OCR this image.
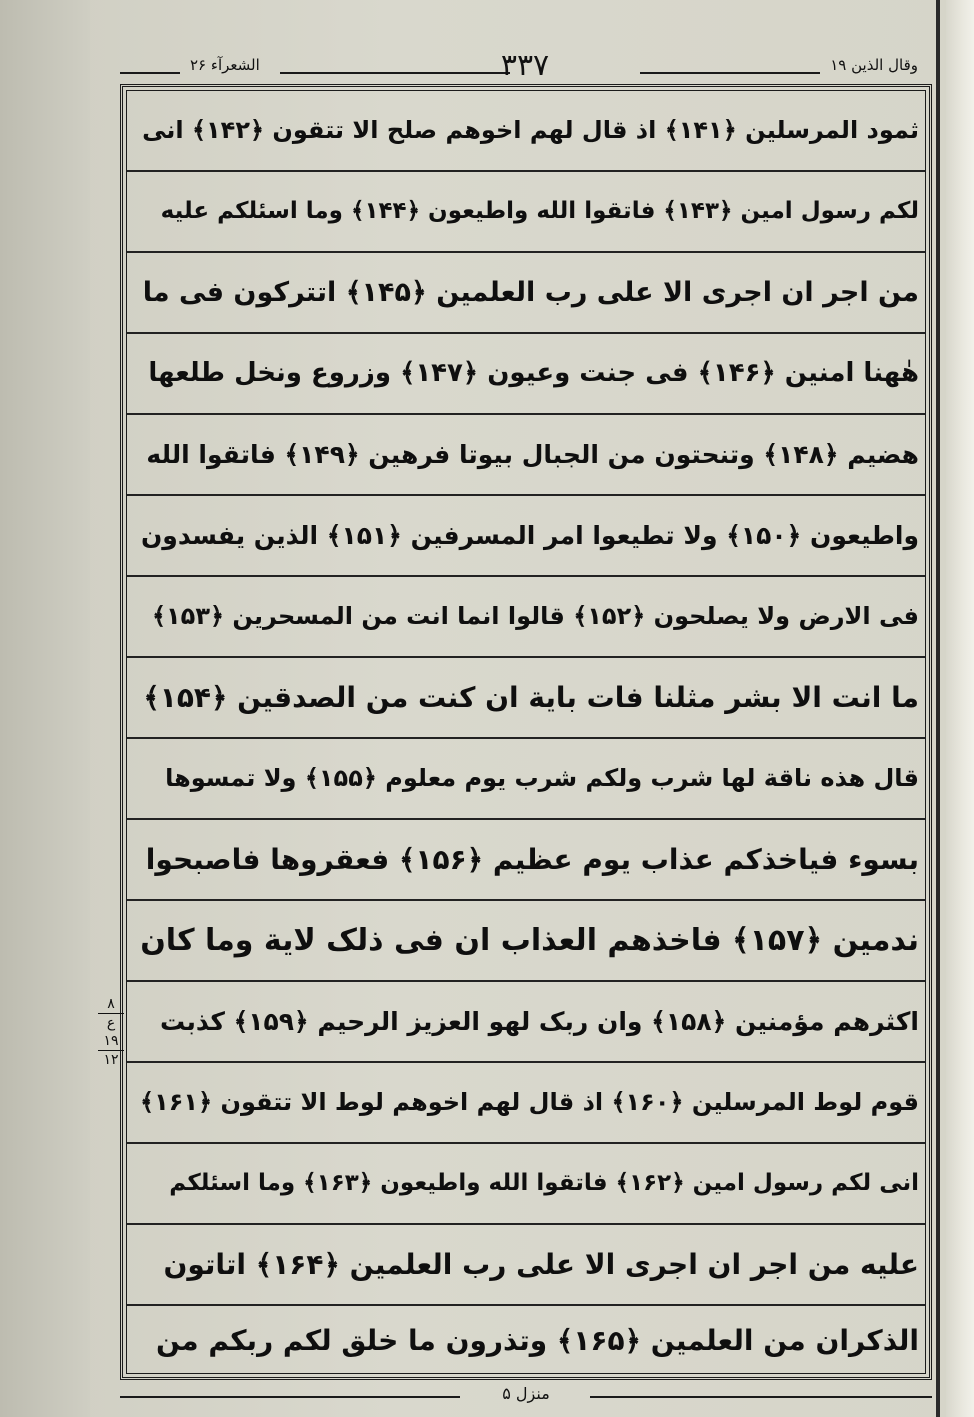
الشعرآء ۲۶	۳۳۷	وقال الذین ۱۹
ثمود المرسلین ﴿۱۴۱﴾ اذ قال لهم اخوهم صلح الا تتقون ﴿۱۴۲﴾ انی
لکم رسول امین ﴿۱۴۳﴾ فاتقوا الله واطیعون ﴿۱۴۴﴾ وما اسئلکم علیه
من اجر ان اجری الا علی رب العلمین ﴿۱۴۵﴾ اتترکون فی ما
هٰهنا امنین ﴿۱۴۶﴾ فی جنت وعیون ﴿۱۴۷﴾ وزروع ونخل طلعها
هضیم ﴿۱۴۸﴾ وتنحتون من الجبال بیوتا فرهین ﴿۱۴۹﴾ فاتقوا الله
واطیعون ﴿۱۵۰﴾ ولا تطیعوا امر المسرفین ﴿۱۵۱﴾ الذین یفسدون
فی الارض ولا یصلحون ﴿۱۵۲﴾ قالوا انما انت من المسحرین ﴿۱۵۳﴾
ما انت الا بشر مثلنا فات بایة ان کنت من الصدقین ﴿۱۵۴﴾
قال هذه ناقة لها شرب ولکم شرب یوم معلوم ﴿۱۵۵﴾ ولا تمسوها
بسوء فیاخذکم عذاب یوم عظیم ﴿۱۵۶﴾ فعقروها فاصبحوا
ندمین ﴿۱۵۷﴾ فاخذهم العذاب ان فی ذلک لایة وما کان
اکثرهم مؤمنین ﴿۱۵۸﴾ وان ربک لهو العزیز الرحیم ﴿۱۵۹﴾ کذبت
قوم لوط المرسلین ﴿۱۶۰﴾ اذ قال لهم اخوهم لوط الا تتقون ﴿۱۶۱﴾
انی لکم رسول امین ﴿۱۶۲﴾ فاتقوا الله واطیعون ﴿۱۶۳﴾ وما اسئلکم
علیه من اجر ان اجری الا علی رب العلمین ﴿۱۶۴﴾ اتاتون
الذکران من العلمین ﴿۱۶۵﴾ وتذرون ما خلق لکم ربکم من
۸
ع ۱۹
۱۲
منزل ۵
